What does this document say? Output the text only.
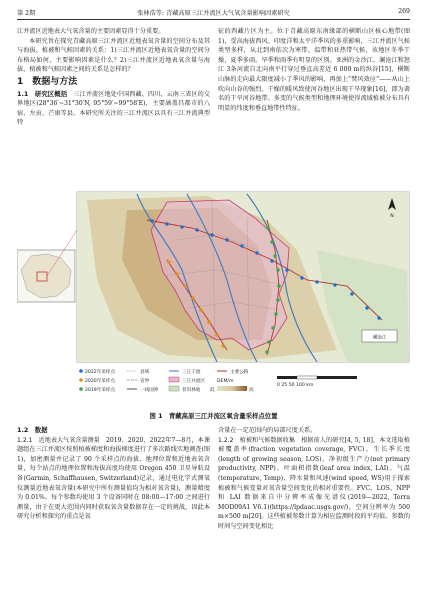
第 2期	张林浩等: 青藏高原三江并流区大气氧含量影响因素研究	269

江并流区近地表大气氧含量的主要因素显得十分重要。

本研究旨在探究青藏高原三江并流区近地表氧含量的空间分布及其与海拔、植被和气候因素的关系：1)三江并流区近地表氧含量的空间分布格局如何，主要影响因素是什么？2)三江并流区近地表氧含量与海拔、植被和气候因素之间的关系是怎样的？

1　数据与方法

1.1　研究区概括　 三江并流区地处中国西藏、四川、云南三省区的交界地区(28°36′~31°30′N, 95°59′~99°58′E)，主要涵盖昌都市的八宿、左贡、芒康等县。本研究所关注的三江并流区以具有三江并流典型特

征的西藏片区为主。位于青藏高原东南缘部的横断山区核心地带(图 1)，受高海拔西风、印度洋和太平洋季风的多重影响，三江并流区气候类型多样，从北到南依次为寒带、温带和亚热带气候，该地区冬季干燥，夏季多雨。旱季和雨季有明显的区别。亚洲的金沙江、澜沧江和怒江 3条河流自北向南平行穿过垂直高差近 6 000 m的纵谷[15]，横断山脉的走向最大限度减小了季风的影响，再加上“焚风效应”——从山上吹向山谷的强烈、干燥的暖风致使河谷地区出现干旱现象[16]，即为著名的干旱河谷地带。多变的气候类型和地理环境使得流域植被分布具有明显的纬度和垂直地带性特征。

澜沧江
N
2022年采样点
2020年采样点
2019年采样点
县域
省界
一线国界
三江干流
三江并流区
普洱林地
主要公路
DEM/m
高
低
0 25 50 100 km
图 1　青藏高原三江并流区氧含量采样点位置
1.2　数据

1.2.1　近地表大气氧含量测量　 2019、2020、2022年7—8月，本课题组在三江并流区按照植被梯度和海拔梯度进行了多次路线实地调查(图 1)，加密测量并记录了 90 个采样点的海拔、地理位置和近地表氧含量，每个站点的地理位置和海拔高度均使用 Oregon 450 卫星导航设备(Garmin, Schaffhausen, Switzerland)记录，通过电化学式测氧仪测量近地表氧含量(本研究中所有测量值均为相对氧含量)，测量精度为 0.01%。每个参数均使用 3 个设备同时在 08:00—17:00 之间进行测量，由于在更大范围内同时获取氧含量数据存在一定的挑战，因此本研究分析和探究的重点是氧

含量在一定范围内的局部尺度关系。

1.2.2　植被和气候数据收集　 根据前人的研究[4, 5, 18]，本文选取植被覆盖率(fraction vegetation coverage, FVC)、生长季长度(length of growing season, LOS)、净初级生产力(net primary productivity, NPP)、叶面积指数(leaf area index, LAI)、气温(temperature, Temp)、降水量和风速(wind speed, WS)用于探索植被和气候变量对氧含量空间变化的相对重要性。FVC、LOS、NPP和 LAI 数据来自中分辨率成像光谱仪(2019—2022, Terra MOD09A1 V6.1)(https://lpdaac.usgs.gov/)，空间分辨率为 500 m×500 m[20]。这些植被参数计算为相应监测时段的平均值。参数的时间与空间变化相比
